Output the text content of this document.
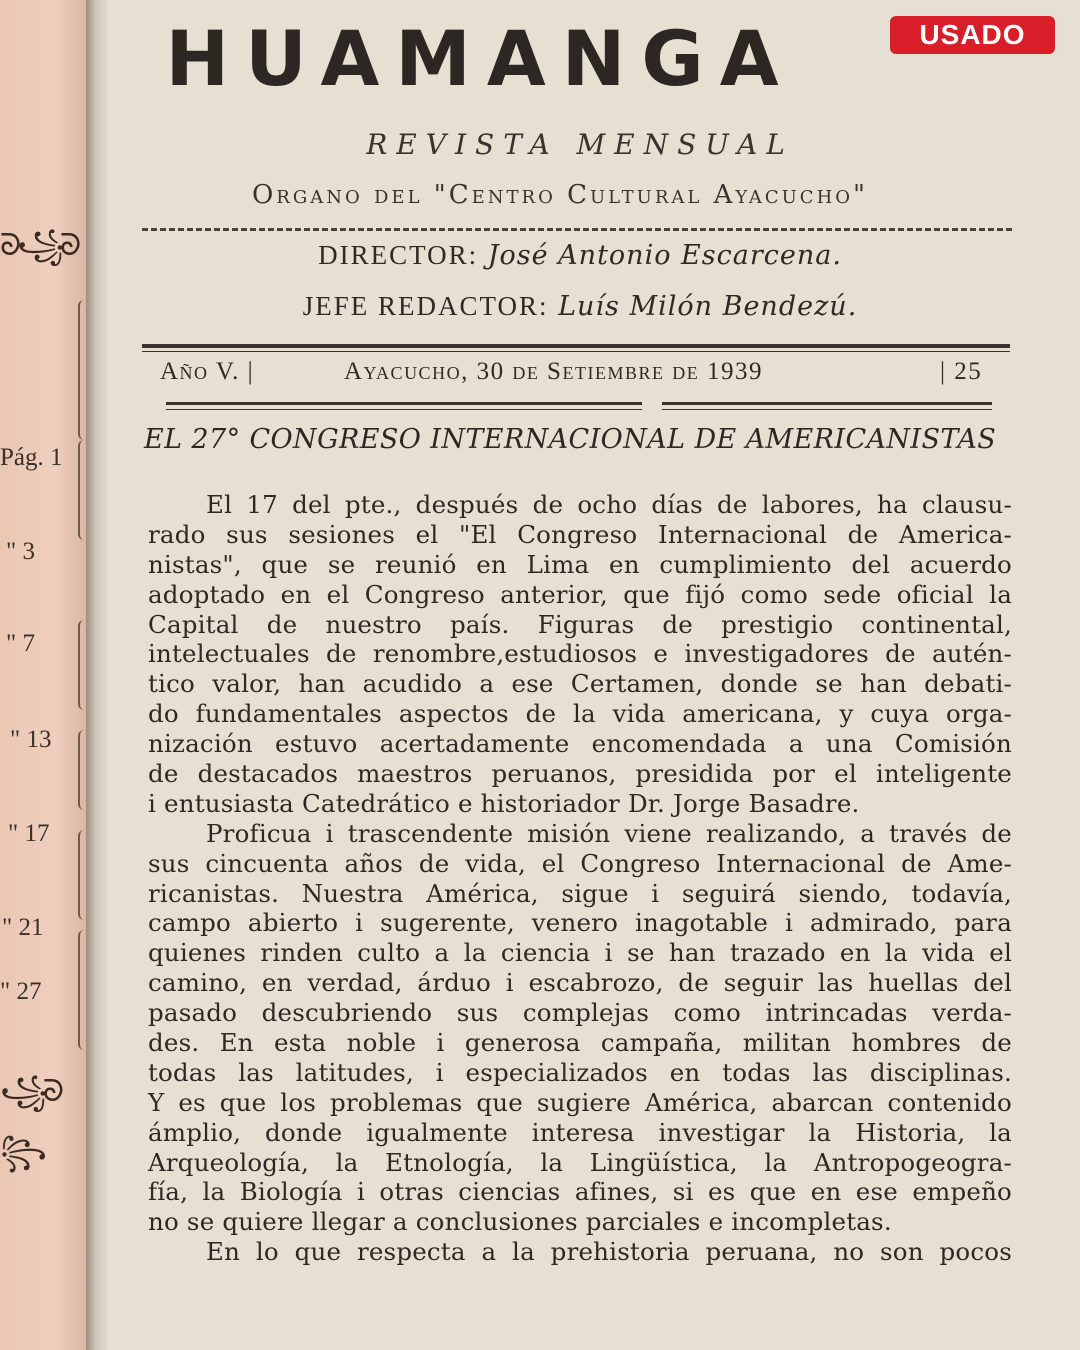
ᘐ꧁ᘐ
Pág. 1
" 3
" 7
" 13
" 17
" 21
" 27
꧁ᘐ꧂
HUAMANGA	USADO
REVISTA MENSUAL
Organo del "Centro Cultural Ayacucho"
DIRECTOR: José Antonio Escarcena.
JEFE REDACTOR: Luís Milón Bendezú.
Año V. |	Ayacucho, 30 de Setiembre de 1939	| 25
EL 27° CONGRESO INTERNACIONAL DE AMERICANISTAS
El 17 del pte., después de ocho días de labores, ha clausu-
rado sus sesiones el "El Congreso Internacional de America-
nistas", que se reunió en Lima en cumplimiento del acuerdo
adoptado en el Congreso anterior, que fijó como sede oficial la
Capital de nuestro país. Figuras de prestigio continental,
intelectuales de renombre,estudiosos e investigadores de autén-
tico valor, han acudido a ese Certamen, donde se han debati-
do fundamentales aspectos de la vida americana, y cuya orga-
nización estuvo acertadamente encomendada a una Comisión
de destacados maestros peruanos, presidida por el inteligente
i entusiasta Catedrático e historiador Dr. Jorge Basadre.
Proficua i trascendente misión viene realizando, a través de
sus cincuenta años de vida, el Congreso Internacional de Ame-
ricanistas. Nuestra América, sigue i seguirá siendo, todavía,
campo abierto i sugerente, venero inagotable i admirado, para
quienes rinden culto a la ciencia i se han trazado en la vida el
camino, en verdad, árduo i escabrozo, de seguir las huellas del
pasado descubriendo sus complejas como intrincadas verda-
des. En esta noble i generosa campaña, militan hombres de
todas las latitudes, i especializados en todas las disciplinas.
Y es que los problemas que sugiere América, abarcan contenido
ámplio, donde igualmente interesa investigar la Historia, la
Arqueología, la Etnología, la Lingüística, la Antropogeogra-
fía, la Biología i otras ciencias afines, si es que en ese empeño
no se quiere llegar a conclusiones parciales e incompletas.
En lo que respecta a la prehistoria peruana, no son pocos
